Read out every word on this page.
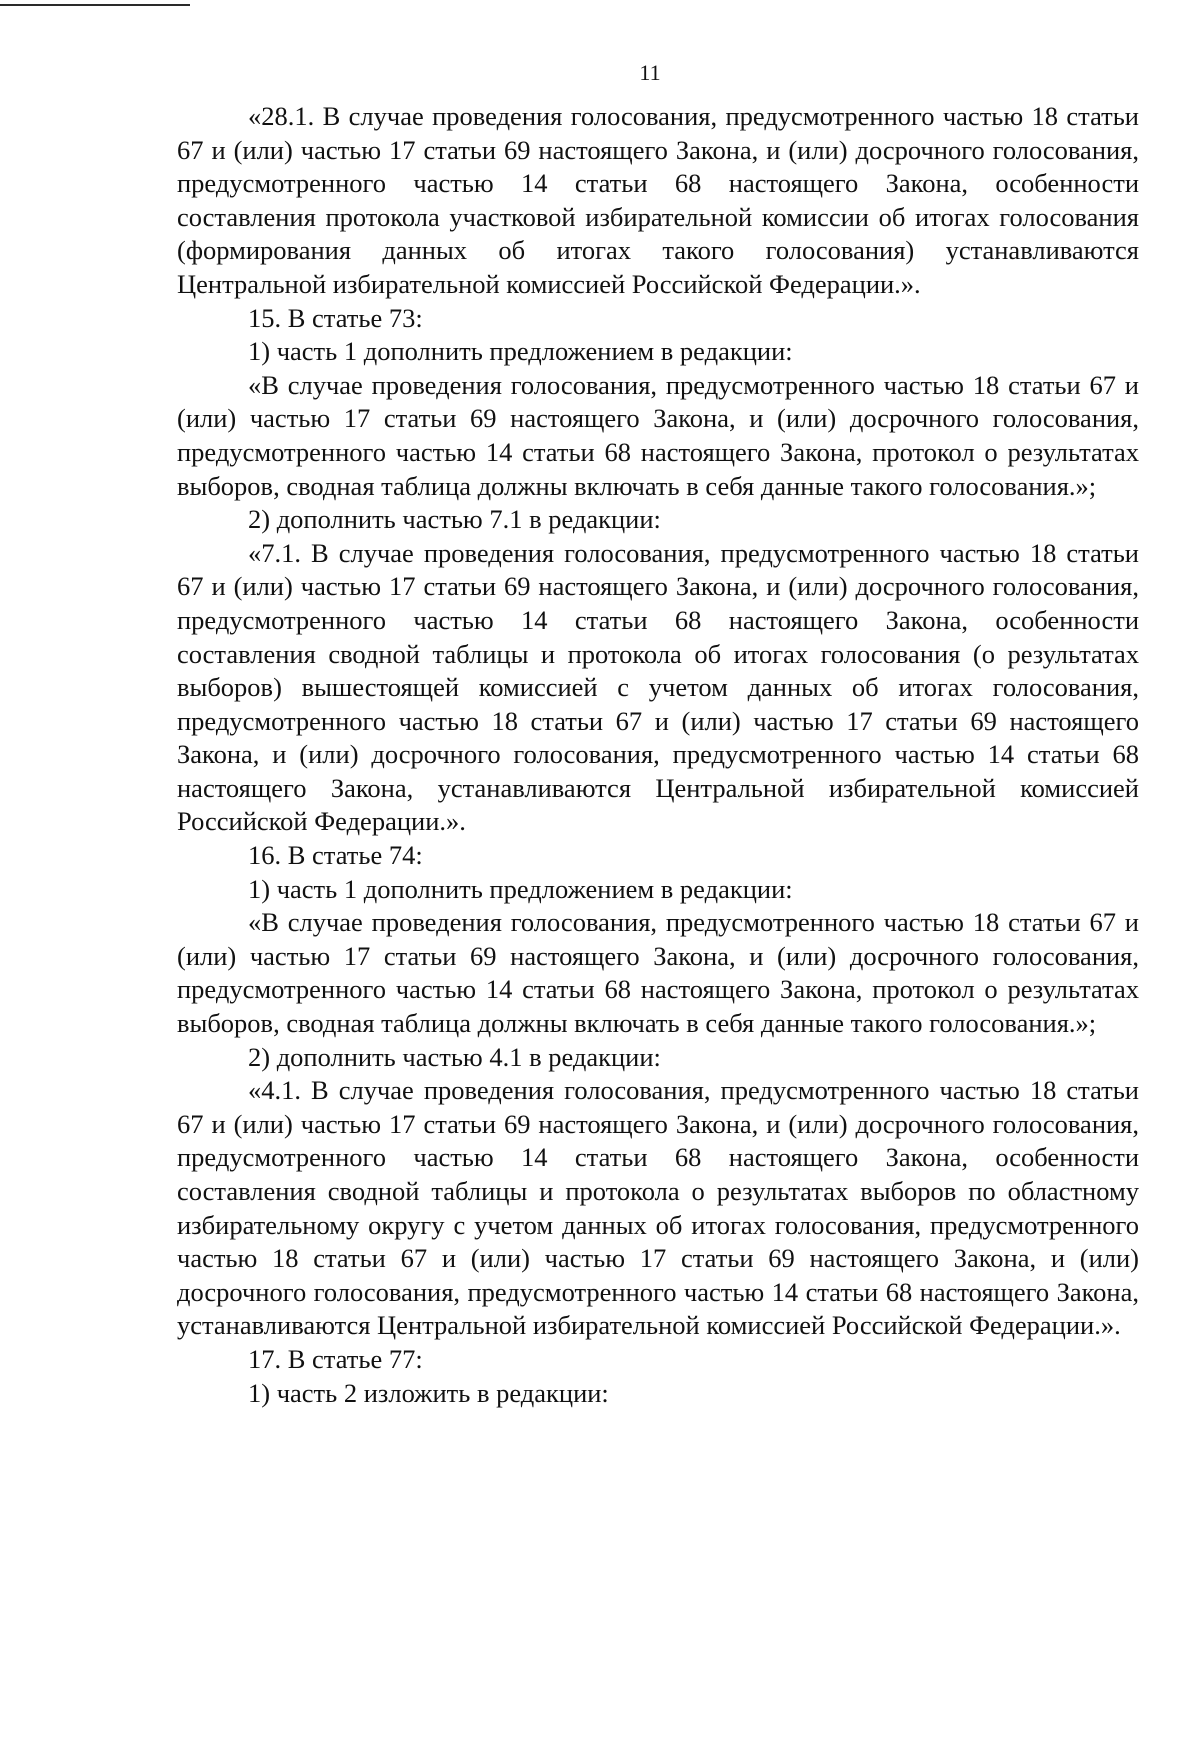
11

«28.1. В случае проведения голосования, предусмотренного частью 18 статьи 67 и (или) частью 17 статьи 69 настоящего Закона, и (или) досрочного голосования, предусмотренного частью 14 статьи 68 настоящего Закона, особенности составления протокола участковой избирательной комиссии об итогах голосования (формирования данных об итогах такого голосования) устанавливаются Центральной избирательной комиссией Российской Федерации.».

15. В статье 73:

1) часть 1 дополнить предложением в редакции:

«В случае проведения голосования, предусмотренного частью 18 статьи 67 и (или) частью 17 статьи 69 настоящего Закона, и (или) досрочного голосования, предусмотренного частью 14 статьи 68 настоящего Закона, протокол о результатах выборов, сводная таблица должны включать в себя данные такого голосования.»;

2) дополнить частью 7.1 в редакции:

«7.1. В случае проведения голосования, предусмотренного частью 18 статьи 67 и (или) частью 17 статьи 69 настоящего Закона, и (или) досрочного голосования, предусмотренного частью 14 статьи 68 настоящего Закона, особенности составления сводной таблицы и протокола об итогах голосования (о результатах выборов) вышестоящей комиссией с учетом данных об итогах голосования, предусмотренного частью 18 статьи 67 и (или) частью 17 статьи 69 настоящего Закона, и (или) досрочного голосования, предусмотренного частью 14 статьи 68 настоящего Закона, устанавливаются Центральной избирательной комиссией Российской Федерации.».

16. В статье 74:

1) часть 1 дополнить предложением в редакции:

«В случае проведения голосования, предусмотренного частью 18 статьи 67 и (или) частью 17 статьи 69 настоящего Закона, и (или) досрочного голосования, предусмотренного частью 14 статьи 68 настоящего Закона, протокол о результатах выборов, сводная таблица должны включать в себя данные такого голосования.»;

2) дополнить частью 4.1 в редакции:

«4.1. В случае проведения голосования, предусмотренного частью 18 статьи 67 и (или) частью 17 статьи 69 настоящего Закона, и (или) досрочного голосования, предусмотренного частью 14 статьи 68 настоящего Закона, особенности составления сводной таблицы и протокола о результатах выборов по областному избирательному округу с учетом данных об итогах голосования, предусмотренного частью 18 статьи 67 и (или) частью 17 статьи 69 настоящего Закона, и (или) досрочного голосования, предусмотренного частью 14 статьи 68 настоящего Закона, устанавливаются Центральной избирательной комиссией Российской Федерации.».

17. В статье 77:

1) часть 2 изложить в редакции:
